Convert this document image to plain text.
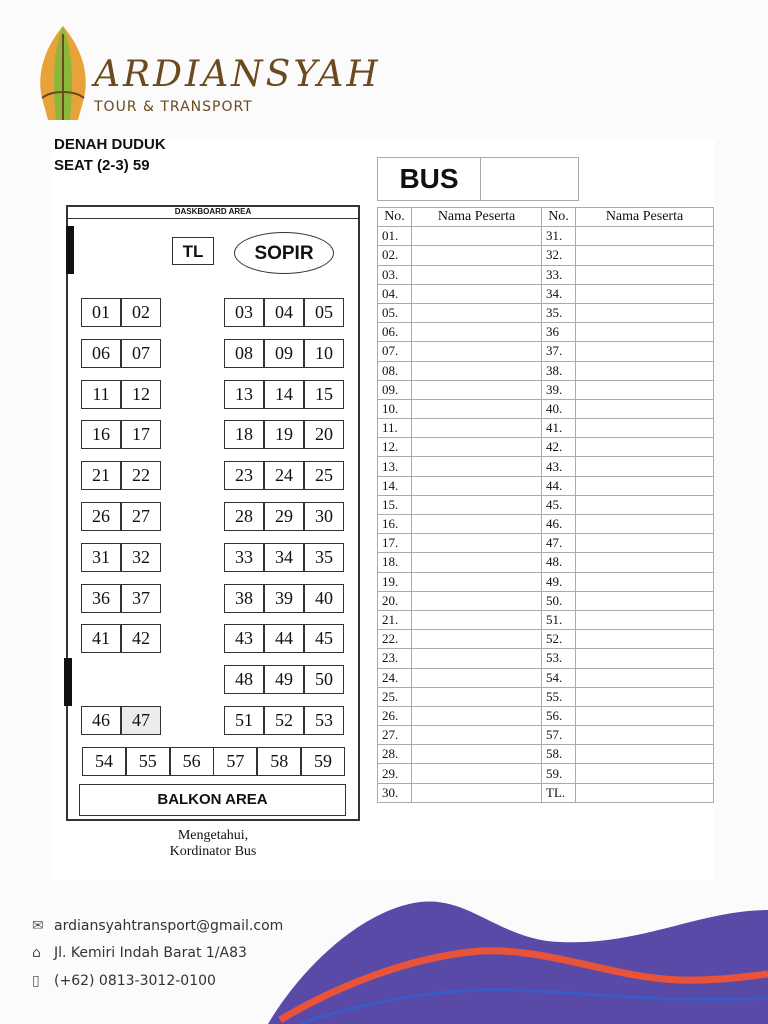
ARDIANSYAH
TOUR & TRANSPORT
DENAH DUDUK
SEAT (2-3) 59
DASKBOARD AREA
TL	SOPIR
01	02	03	04	05
06	07	08	09	10
11	12	13	14	15
16	17	18	19	20
21	22	23	24	25
26	27	28	29	30
31	32	33	34	35
36	37	38	39	40
41	42	43	44	45
48	49	50
46	47	51	52	53
54	55	56	57	58	59
BALKON AREA
Mengetahui,
Kordinator Bus
BUS
No.	Nama Peserta	No.	Nama Peserta
01.		31.	
02.		32.	
03.		33.	
04.		34.	
05.		35.	
06.		36	
07.		37.	
08.		38.	
09.		39.	
10.		40.	
11.		41.	
12.		42.	
13.		43.	
14.		44.	
15.		45.	
16.		46.	
17.		47.	
18.		48.	
19.		49.	
20.		50.	
21.		51.	
22.		52.	
23.		53.	
24.		54.	
25.		55.	
26.		56.	
27.		57.	
28.		58.	
29.		59.	
30.		TL.	
✉ ardiansyahtransport@gmail.com
⌂ Jl. Kemiri Indah Barat 1/A83
▯ (+62) 0813-3012-0100
